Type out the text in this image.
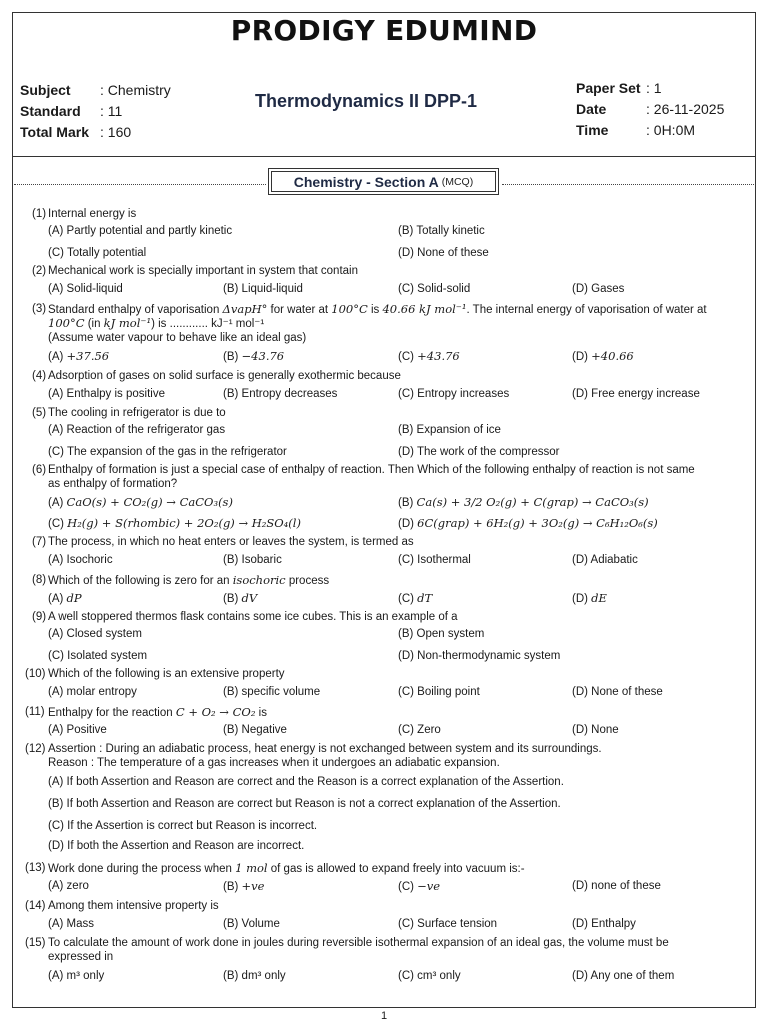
PRODIGY EDUMIND
Subject	: Chemistry
Standard	: 11
Total Mark : 160
Thermodynamics II DPP-1
Paper Set : 1
Date	: 26-11-2025
Time	: 0H:0M
Chemistry - Section A (MCQ)
(1) Internal energy is
(A) Partly potential and partly kinetic	(B) Totally kinetic
(C) Totally potential	(D) None of these
(2) Mechanical work is specially important in system that contain
(A) Solid-liquid	(B) Liquid-liquid	(C) Solid-solid	(D) Gases
(3) Standard enthalpy of vaporisation ΔvapH° for water at 100°C is 40.66 kJ mol⁻¹. The internal energy of vaporisation of water at
100°C (in kJ mol⁻¹) is ............ kJ⁻¹ mol⁻¹
(Assume water vapour to behave like an ideal gas)
(A) +37.56	(B) −43.76	(C) +43.76	(D) +40.66
(4) Adsorption of gases on solid surface is generally exothermic because
(A) Enthalpy is positive	(B) Entropy decreases	(C) Entropy increases	(D) Free energy increase
(5) The cooling in refrigerator is due to
(A) Reaction of the refrigerator gas	(B) Expansion of ice
(C) The expansion of the gas in the refrigerator	(D) The work of the compressor
(6) Enthalpy of formation is just a special case of enthalpy of reaction. Then Which of the following enthalpy of reaction is not same
as enthalpy of formation?
(A) CaO(s) + CO₂(g) → CaCO₃(s)	(B) Ca(s) + 3/2 O₂(g) + C(grap) → CaCO₃(s)
(C) H₂(g) + S(rhombic) + 2O₂(g) → H₂SO₄(l)	(D) 6C(grap) + 6H₂(g) + 3O₂(g) → C₆H₁₂O₆(s)
(7) The process, in which no heat enters or leaves the system, is termed as
(A) Isochoric	(B) Isobaric	(C) Isothermal	(D) Adiabatic
(8) Which of the following is zero for an isochoric process
(A) dP	(B) dV	(C) dT	(D) dE
(9) A well stoppered thermos flask contains some ice cubes. This is an example of a
(A) Closed system	(B) Open system
(C) Isolated system	(D) Non-thermodynamic system
(10) Which of the following is an extensive property
(A) molar entropy	(B) specific volume	(C) Boiling point	(D) None of these
(11) Enthalpy for the reaction C + O₂ → CO₂ is
(A) Positive	(B) Negative	(C) Zero	(D) None
(12) Assertion : During an adiabatic process, heat energy is not exchanged between system and its surroundings.
Reason : The temperature of a gas increases when it undergoes an adiabatic expansion.
(A) If both Assertion and Reason are correct and the Reason is a correct explanation of the Assertion.
(B) If both Assertion and Reason are correct but Reason is not a correct explanation of the Assertion.
(C) If the Assertion is correct but Reason is incorrect.
(D) If both the Assertion and Reason are incorrect.
(13) Work done during the process when 1 mol of gas is allowed to expand freely into vacuum is:-
(A) zero	(B) +ve	(C) −ve	(D) none of these
(14) Among them intensive property is
(A) Mass	(B) Volume	(C) Surface tension	(D) Enthalpy
(15) To calculate the amount of work done in joules during reversible isothermal expansion of an ideal gas, the volume must be
expressed in
(A) m³ only	(B) dm³ only	(C) cm³ only	(D) Any one of them
1
